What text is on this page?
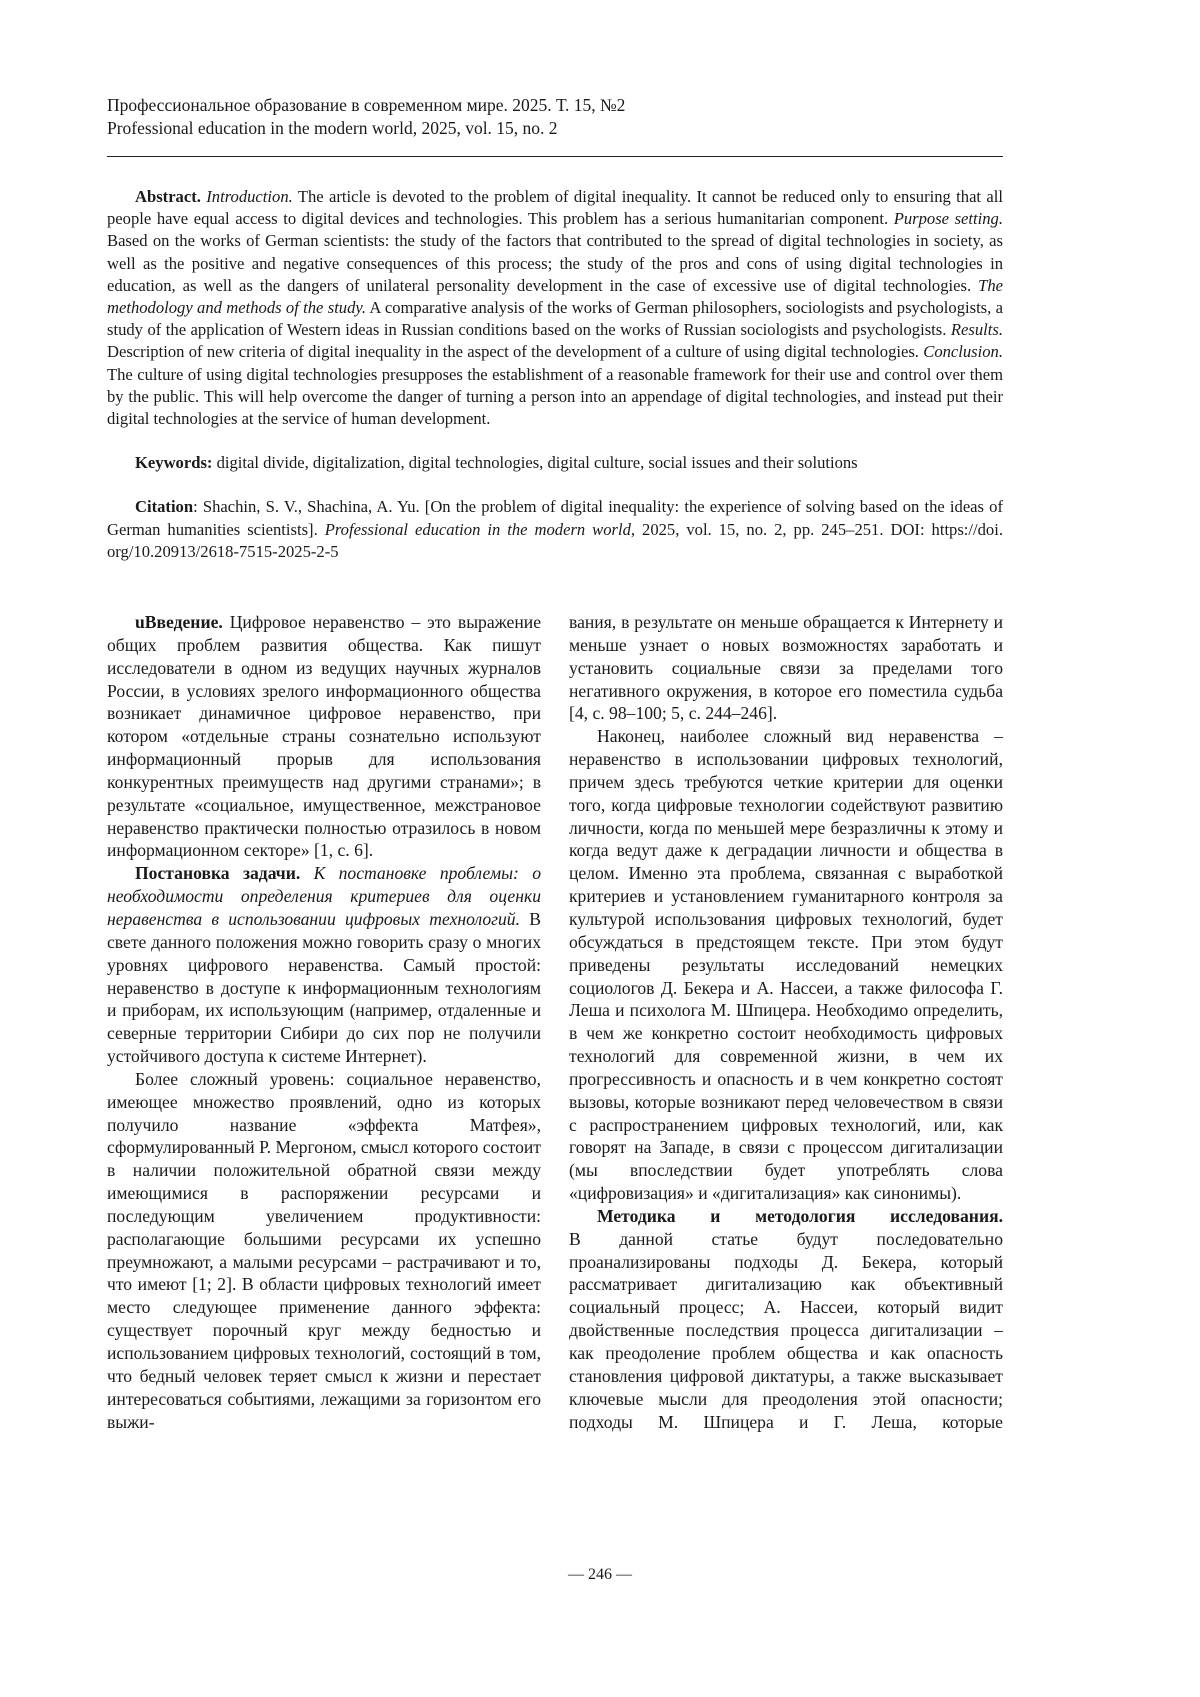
Профессиональное образование в современном мире. 2025. Т. 15, №2
Professional education in the modern world, 2025, vol. 15, no. 2

Abstract. Introduction. The article is devoted to the problem of digital inequality. It cannot be reduced only to ensuring that all people have equal access to digital devices and technologies. This problem has a serious humanitarian component. Purpose setting. Based on the works of German scientists: the study of the factors that contributed to the spread of digital technologies in society, as well as the positive and negative consequences of this process; the study of the pros and cons of using digital technologies in education, as well as the dangers of unilateral personality development in the case of excessive use of digital technologies. The methodology and methods of the study. A comparative analysis of the works of German philosophers, sociologists and psychologists, a study of the application of Western ideas in Russian conditions based on the works of Russian sociologists and psychologists. Results. Description of new criteria of digital inequality in the aspect of the development of a culture of using digital technologies. Conclusion. The culture of using digital technologies presupposes the establishment of a reasonable framework for their use and control over them by the public. This will help overcome the danger of turning a person into an appendage of digital technologies, and instead put their digital technologies at the service of human development.

Keywords: digital divide, digitalization, digital technologies, digital culture, social issues and their solutions

Citation: Shachin, S. V., Shachina, A. Yu. [On the problem of digital inequality: the experience of solving based on the ideas of German humanities scientists]. Professional education in the modern world, 2025, vol. 15, no. 2, pp. 245–251. DOI: https://doi. org/10.20913/2618-7515-2025-2-5

uВведение. Цифровое неравенство – это выражение общих проблем развития общества. Как пишут исследователи в одном из ведущих научных журналов России, в условиях зрелого информационного общества возникает динамичное цифровое неравенство, при котором «отдельные страны сознательно используют информационный прорыв для использования конкурентных преимуществ над другими странами»; в результате «социальное, имущественное, межстрановое неравенство практически полностью отразилось в новом информационном секторе» [1, с. 6].

Постановка задачи. К постановке проблемы: о необходимости определения критериев для оценки неравенства в использовании цифровых технологий. В свете данного положения можно говорить сразу о многих уровнях цифрового неравенства. Самый простой: неравенство в доступе к информационным технологиям и приборам, их использующим (например, отдаленные и северные территории Сибири до сих пор не получили устойчивого доступа к системе Интернет).

Более сложный уровень: социальное неравенство, имеющее множество проявлений, одно из которых получило название «эффекта Матфея», сформулированный Р. Мергоном, смысл которого состоит в наличии положительной обратной связи между имеющимися в распоряжении ресурсами и последующим увеличением продуктивности: располагающие большими ресурсами их успешно преумножают, а малыми ресурсами – растрачивают и то, что имеют [1; 2]. В области цифровых технологий имеет место следующее применение данного эффекта: существует порочный круг между бедностью и использованием цифровых технологий, состоящий в том, что бедный человек теряет смысл к жизни и перестает интересоваться событиями, лежащими за горизонтом его выжи-

вания, в результате он меньше обращается к Интернету и меньше узнает о новых возможностях заработать и установить социальные связи за пределами того негативного окружения, в которое его поместила судьба [4, с. 98–100; 5, с. 244–246].

Наконец, наиболее сложный вид неравенства – неравенство в использовании цифровых технологий, причем здесь требуются четкие критерии для оценки того, когда цифровые технологии содействуют развитию личности, когда по меньшей мере безразличны к этому и когда ведут даже к деградации личности и общества в целом. Именно эта проблема, связанная с выработкой критериев и установлением гуманитарного контроля за культурой использования цифровых технологий, будет обсуждаться в предстоящем тексте. При этом будут приведены результаты исследований немецких социологов Д. Бекера и А. Нассеи, а также философа Г. Леша и психолога М. Шпицера. Необходимо определить, в чем же конкретно состоит необходимость цифровых технологий для современной жизни, в чем их прогрессивность и опасность и в чем конкретно состоят вызовы, которые возникают перед человечеством в связи с распространением цифровых технологий, или, как говорят на Западе, в связи с процессом дигитализации (мы впоследствии будет употреблять слова «цифровизация» и «дигитализация» как синонимы).

Методика и методология исследования.

В данной статье будут последовательно проанализированы подходы Д. Бекера, который рассматривает дигитализацию как объективный социальный процесс; А. Нассеи, который видит двойственные последствия процесса дигитализации – как преодоление проблем общества и как опасность становления цифровой диктатуры, а также высказывает ключевые мысли для преодоления этой опасности; подходы М. Шпицера и Г. Леша, которые

— 246 —
